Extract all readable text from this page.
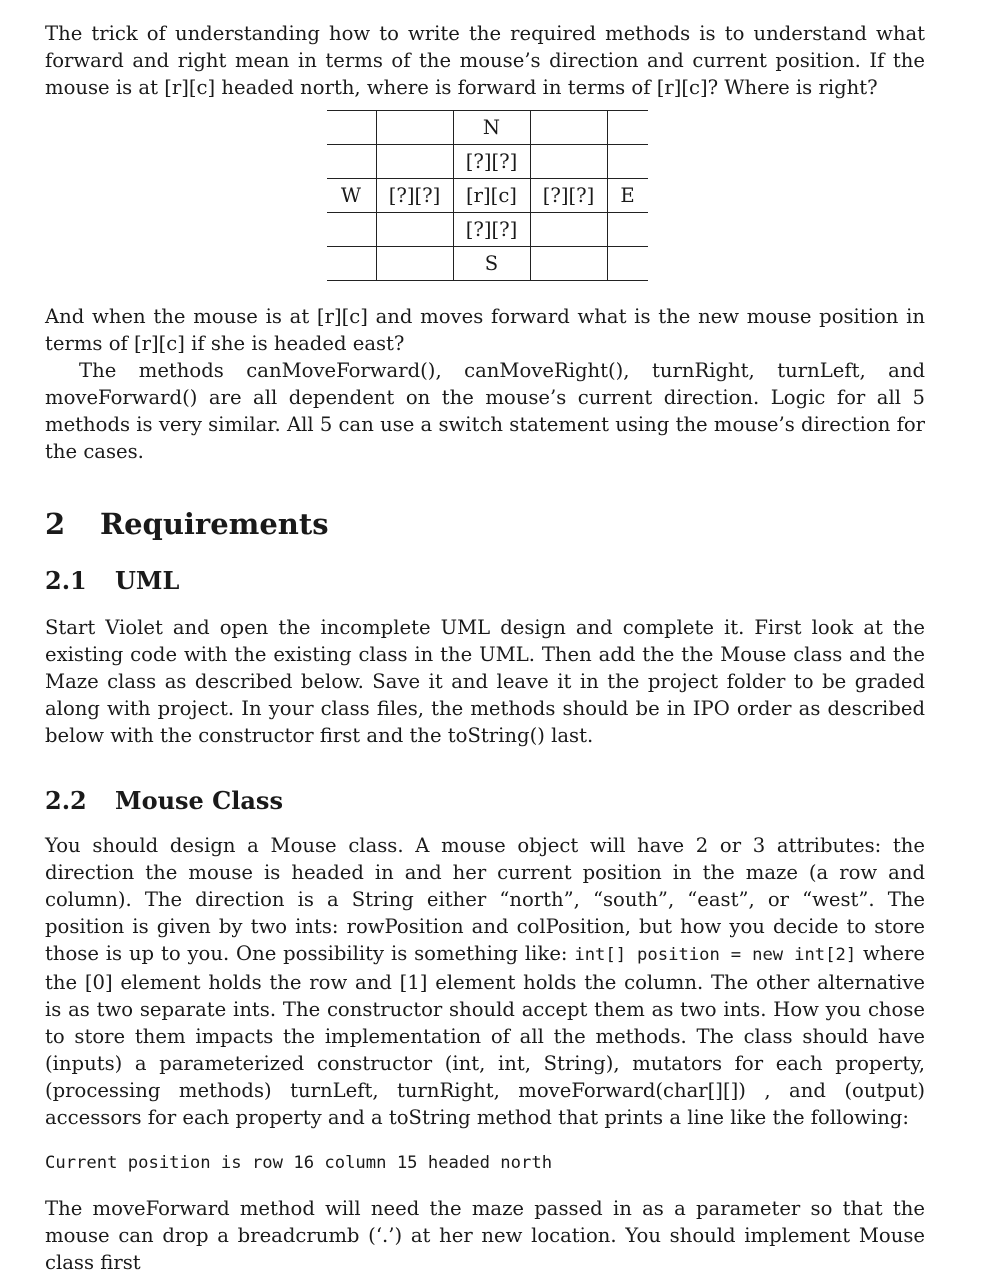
The trick of understanding how to write the required methods is to understand what forward and right mean in terms of the mouse’s direction and current position. If the mouse is at [r][c] headed north, where is forward in terms of [r][c]? Where is right?

		N		
		[?][?]		
W	[?][?]	[r][c]	[?][?]	E
		[?][?]		
		S		

And when the mouse is at [r][c] and moves forward what is the new mouse position in terms of [r][c] if she is headed east?

The methods canMoveForward(), canMoveRight(), turnRight, turnLeft, and moveForward() are all dependent on the mouse’s current direction. Logic for all 5 methods is very similar. All 5 can use a switch statement using the mouse’s direction for the cases.

2 Requirements
2.1 UML

Start Violet and open the incomplete UML design and complete it. First look at the existing code with the existing class in the UML. Then add the the Mouse class and the Maze class as described below. Save it and leave it in the project folder to be graded along with project. In your class files, the methods should be in IPO order as described below with the constructor first and the toString() last.

2.2 Mouse Class

You should design a Mouse class. A mouse object will have 2 or 3 attributes: the direction the mouse is headed in and her current position in the maze (a row and column). The direction is a String either “north”, “south”, “east”, or “west”. The position is given by two ints: rowPosition and colPosition, but how you decide to store those is up to you. One possibility is something like: int[] position = new int[2] where the [0] element holds the row and [1] element holds the column. The other alternative is as two separate ints. The constructor should accept them as two ints. How you chose to store them impacts the implementation of all the methods. The class should have (inputs) a parameterized constructor (int, int, String), mutators for each property, (processing methods) turnLeft, turnRight, moveForward(char[][]) , and (output) accessors for each property and a toString method that prints a line like the following:

Current position is row 16 column 15 headed north

The moveForward method will need the maze passed in as a parameter so that the mouse can drop a breadcrumb (‘.’) at her new location. You should implement Mouse class first
